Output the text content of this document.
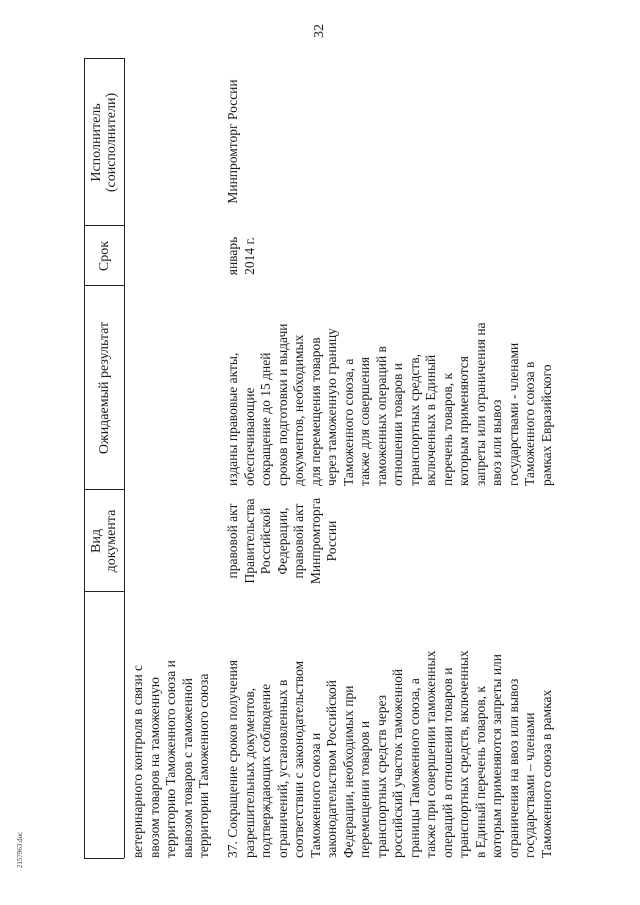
32
Вид документа
Ожидаемый результат
Срок
Исполнитель (соисполнители)
ветеринарного контроля в связи с
ввозом товаров на таможенную
территорию Таможенного союза и
вывозом товаров с таможенной
территории Таможенного союза
37. Сокращение сроков получения
разрешительных документов,
подтверждающих соблюдение
ограничений, установленных в
соответствии с законодательством
Таможенного союза и
законодательством Российской
Федерации, необходимых при
перемещении товаров и
транспортных средств через
российский участок таможенной
границы Таможенного союза, а
также при совершении таможенных
операций в отношении товаров и
транспортных средств, включенных
в Единый перечень товаров, к
которым применяются запреты или
ограничения на ввоз или вывоз
государствами – членами
Таможенного союза в рамках
правовой акт
Правительства
Российской
Федерации,
правовой акт
Минпромторга
России
изданы правовые акты,
обеспечивающие
сокращение до 15 дней
сроков подготовки и выдачи
документов, необходимых
для перемещения товаров
через таможенную границу
Таможенного союза, а
также для совершения
таможенных операций в
отношении товаров и
транспортных средств,
включенных в Единый
перечень товаров, к
которым применяются
запреты или ограничения на
ввоз или вывоз
государствами - членами
Таможенного союза в
рамках Евразийского
январь
2014 г.
Минпромторг России
2157963.doc
